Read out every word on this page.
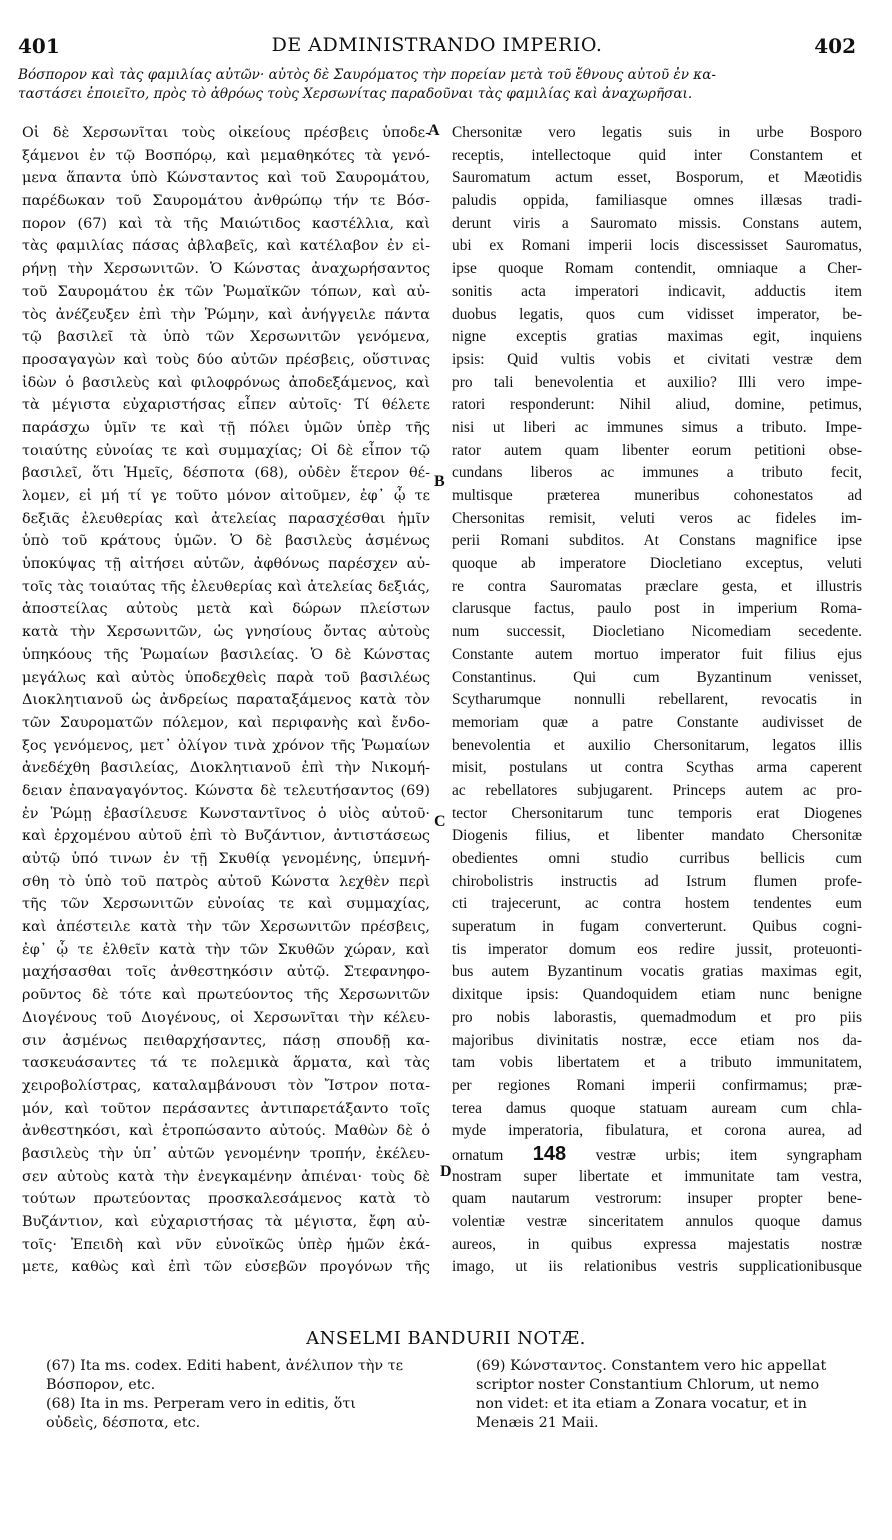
401	DE ADMINISTRANDO IMPERIO.	402
Βόσπορον καὶ τὰς φαμιλίας αὐτῶν· αὐτὸς δὲ Σαυρόματος τὴν πορείαν μετὰ τοῦ ἔθνους αὐτοῦ ἐν κα-
ταστάσει ἐποιεῖτο, πρὸς τὸ ἀθρόως τοὺς Χερσωνίτας παραδοῦναι τὰς φαμιλίας καὶ ἀναχωρῆσαι.
Οἱ δὲ Χερσωνῖται τοὺς οἰκείους πρέσβεις ὑποδε-
ξάμενοι ἐν τῷ Βοσπόρῳ, καὶ μεμαθηκότες τὰ γενό-
μενα ἅπαντα ὑπὸ Κώνσταντος καὶ τοῦ Σαυρομάτου,
παρέδωκαν τοῦ Σαυρομάτου ἀνθρώπῳ τήν τε Βόσ-
πορον (67) καὶ τὰ τῆς Μαιώτιδος καστέλλια, καὶ
τὰς φαμιλίας πάσας ἀβλαβεῖς, καὶ κατέλαβον ἐν εἰ-
ρήνῃ τὴν Χερσωνιτῶν. Ὁ Κώνστας ἀναχωρήσαντος
τοῦ Σαυρομάτου ἐκ τῶν Ῥωμαϊκῶν τόπων, καὶ αὐ-
τὸς ἀνέζευξεν ἐπὶ τὴν Ῥώμην, καὶ ἀνήγγειλε πάντα
τῷ βασιλεῖ τὰ ὑπὸ τῶν Χερσωνιτῶν γενόμενα,
προσαγαγὼν καὶ τοὺς δύο αὐτῶν πρέσβεις, οὕστινας
ἰδὼν ὁ βασιλεὺς καὶ φιλοφρόνως ἀποδεξάμενος, καὶ
τὰ μέγιστα εὐχαριστήσας εἶπεν αὐτοῖς· Τί θέλετε
παράσχω ὑμῖν τε καὶ τῇ πόλει ὑμῶν ὑπὲρ τῆς
τοιαύτης εὐνοίας τε καὶ συμμαχίας; Οἱ δὲ εἶπον τῷ
βασιλεῖ, ὅτι Ἡμεῖς, δέσποτα (68), οὐδὲν ἕτερον θέ-
λομεν, εἰ μή τί γε τοῦτο μόνον αἰτοῦμεν, ἐφ᾽ ᾧ τε
δεξιᾶς ἐλευθερίας καὶ ἀτελείας παρασχέσθαι ἡμῖν
ὑπὸ τοῦ κράτους ὑμῶν. Ὁ δὲ βασιλεὺς ἀσμένως
ὑποκύψας τῇ αἰτήσει αὐτῶν, ἀφθόνως παρέσχεν αὐ-
τοῖς τὰς τοιαύτας τῆς ἐλευθερίας καὶ ἀτελείας δεξιάς,
ἀποστείλας αὐτοὺς μετὰ καὶ δώρων πλείστων
κατὰ τὴν Χερσωνιτῶν, ὡς γνησίους ὄντας αὐτοὺς
ὑπηκόους τῆς Ῥωμαίων βασιλείας. Ὁ δὲ Κώνστας
μεγάλως καὶ αὐτὸς ὑποδεχθεὶς παρὰ τοῦ βασιλέως
Διοκλητιανοῦ ὡς ἀνδρείως παραταξάμενος κατὰ τὸν
τῶν Σαυροματῶν πόλεμον, καὶ περιφανὴς καὶ ἔνδο-
ξος γενόμενος, μετ᾽ ὀλίγον τινὰ χρόνον τῆς Ῥωμαίων
ἀνεδέχθη βασιλείας, Διοκλητιανοῦ ἐπὶ τὴν Νικομή-
δειαν ἐπαναγαγόντος. Κώνστα δὲ τελευτήσαντος (69)
ἐν Ῥώμῃ ἐβασίλευσε Κωνσταντῖνος ὁ υἱὸς αὐτοῦ·
καὶ ἐρχομένου αὐτοῦ ἐπὶ τὸ Βυζάντιον, ἀντιστάσεως
αὐτῷ ὑπό τινων ἐν τῇ Σκυθίᾳ γενομένης, ὑπεμνή-
σθη τὸ ὑπὸ τοῦ πατρὸς αὐτοῦ Κώνστα λεχθὲν περὶ
τῆς τῶν Χερσωνιτῶν εὐνοίας τε καὶ συμμαχίας,
καὶ ἀπέστειλε κατὰ τὴν τῶν Χερσωνιτῶν πρέσβεις,
ἐφ᾽ ᾧ τε ἐλθεῖν κατὰ τὴν τῶν Σκυθῶν χώραν, καὶ
μαχήσασθαι τοῖς ἀνθεστηκόσιν αὐτῷ. Στεφανηφο-
ροῦντος δὲ τότε καὶ πρωτεύοντος τῆς Χερσωνιτῶν
Διογένους τοῦ Διογένους, οἱ Χερσωνῖται τὴν κέλευ-
σιν ἀσμένως πειθαρχήσαντες, πάσῃ σπουδῇ κα-
τασκευάσαντες τά τε πολεμικὰ ἅρματα, καὶ τὰς
χειροβολίστρας, καταλαμβάνουσι τὸν Ἴστρον ποτα-
μόν, καὶ τοῦτον περάσαντες ἀντιπαρετάξαντο τοῖς
ἀνθεστηκόσι, καὶ ἐτροπώσαντο αὐτούς. Μαθὼν δὲ ὁ
βασιλεὺς τὴν ὑπ᾽ αὐτῶν γενομένην τροπήν, ἐκέλευ-
σεν αὐτοὺς κατὰ τὴν ἐνεγκαμένην ἀπιέναι· τοὺς δὲ
τούτων πρωτεύοντας προσκαλεσάμενος κατὰ τὸ
Βυζάντιον, καὶ εὐχαριστήσας τὰ μέγιστα, ἔφη αὐ-
τοῖς· Ἐπειδὴ καὶ νῦν εὐνοϊκῶς ὑπὲρ ἡμῶν ἐκά-
μετε, καθὼς καὶ ἐπὶ τῶν εὐσεβῶν προγόνων τῆς
A
B
C
D
Chersonitæ vero legatis suis in urbe Bosporo
receptis, intellectoque quid inter Constantem et
Sauromatum actum esset, Bosporum, et Mæotidis
paludis oppida, familiasque omnes illæsas tradi-
derunt viris a Sauromato missis. Constans autem,
ubi ex Romani imperii locis discessisset Sauromatus,
ipse quoque Romam contendit, omniaque a Cher-
sonitis acta imperatori indicavit, adductis item
duobus legatis, quos cum vidisset imperator, be-
nigne exceptis gratias maximas egit, inquiens
ipsis: Quid vultis vobis et civitati vestræ dem
pro tali benevolentia et auxilio? Illi vero impe-
ratori responderunt: Nihil aliud, domine, petimus,
nisi ut liberi ac immunes simus a tributo. Impe-
rator autem quam libenter eorum petitioni obse-
cundans liberos ac immunes a tributo fecit,
multisque præterea muneribus cohonestatos ad
Chersonitas remisit, veluti veros ac fideles im-
perii Romani subditos. At Constans magnifice ipse
quoque ab imperatore Diocletiano exceptus, veluti
re contra Sauromatas præclare gesta, et illustris
clarusque factus, paulo post in imperium Roma-
num successit, Diocletiano Nicomediam secedente.
Constante autem mortuo imperator fuit filius ejus
Constantinus. Qui cum Byzantinum venisset,
Scytharumque nonnulli rebellarent, revocatis in
memoriam quæ a patre Constante audivisset de
benevolentia et auxilio Chersonitarum, legatos illis
misit, postulans ut contra Scythas arma caperent
ac rebellatores subjugarent. Princeps autem ac pro-
tector Chersonitarum tunc temporis erat Diogenes
Diogenis filius, et libenter mandato Chersonitæ
obedientes omni studio curribus bellicis cum
chirobolistris instructis ad Istrum flumen profe-
cti trajecerunt, ac contra hostem tendentes eum
superatum in fugam converterunt. Quibus cogni-
tis imperator domum eos redire jussit, proteuonti-
bus autem Byzantinum vocatis gratias maximas egit,
dixitque ipsis: Quandoquidem etiam nunc benigne
pro nobis laborastis, quemadmodum et pro piis
majoribus divinitatis nostræ, ecce etiam nos da-
tam vobis libertatem et a tributo immunitatem,
per regiones Romani imperii confirmamus; præ-
terea damus quoque statuam auream cum chla-
myde imperatoria, fibulatura, et corona aurea, ad
ornatum 148 vestræ urbis; item syngrapham
nostram super libertate et immunitate tam vestra,
quam nautarum vestrorum: insuper propter bene-
volentiæ vestræ sinceritatem annulos quoque damus
aureos, in quibus expressa majestatis nostræ
imago, ut iis relationibus vestris supplicationibusque
ANSELMI BANDURII NOTÆ.
(67) Ita ms. codex. Editi habent, ἀνέλιπον τὴν τε
Βόσπορον, etc.
(68) Ita in ms. Perperam vero in editis, ὅτι
οὐδεὶς, δέσποτα, etc.
(69) Κώνσταντος. Constantem vero hic appellat
scriptor noster Constantium Chlorum, ut nemo
non videt: et ita etiam a Zonara vocatur, et in
Menæis 21 Maii.
